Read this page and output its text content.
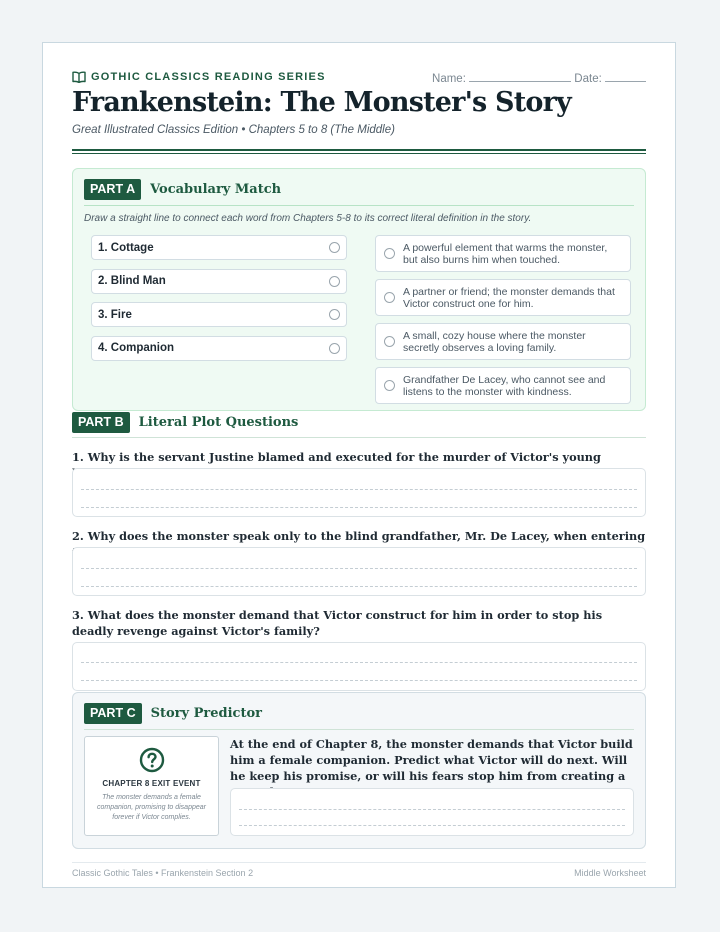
GOTHIC CLASSICS READING SERIES	Name:	Date:
Frankenstein: The Monster's Story
Great Illustrated Classics Edition • Chapters 5 to 8 (The Middle)
PART A	Vocabulary Match
Draw a straight line to connect each word from Chapters 5-8 to its correct literal definition in the story.
1. Cottage
2. Blind Man
3. Fire
4. Companion
A powerful element that warms the monster, but also burns him when touched.
A partner or friend; the monster demands that Victor construct one for him.
A small, cozy house where the monster secretly observes a loving family.
Grandfather De Lacey, who cannot see and listens to the monster with kindness.
PART B	Literal Plot Questions
1. Why is the servant Justine blamed and executed for the murder of Victor's young
2. Why does the monster speak only to the blind grandfather, Mr. De Lacey, when entering
3. What does the monster demand that Victor construct for him in order to stop his deadly revenge against Victor's family?
PART C	Story Predictor
CHAPTER 8 EXIT EVENT
The monster demands a female companion, promising to disappear forever if Victor complies.
At the end of Chapter 8, the monster demands that Victor build him a female companion. Predict what Victor will do next. Will he keep his promise, or will his fears stop him from creating a
Classic Gothic Tales • Frankenstein Section 2	Middle Worksheet
